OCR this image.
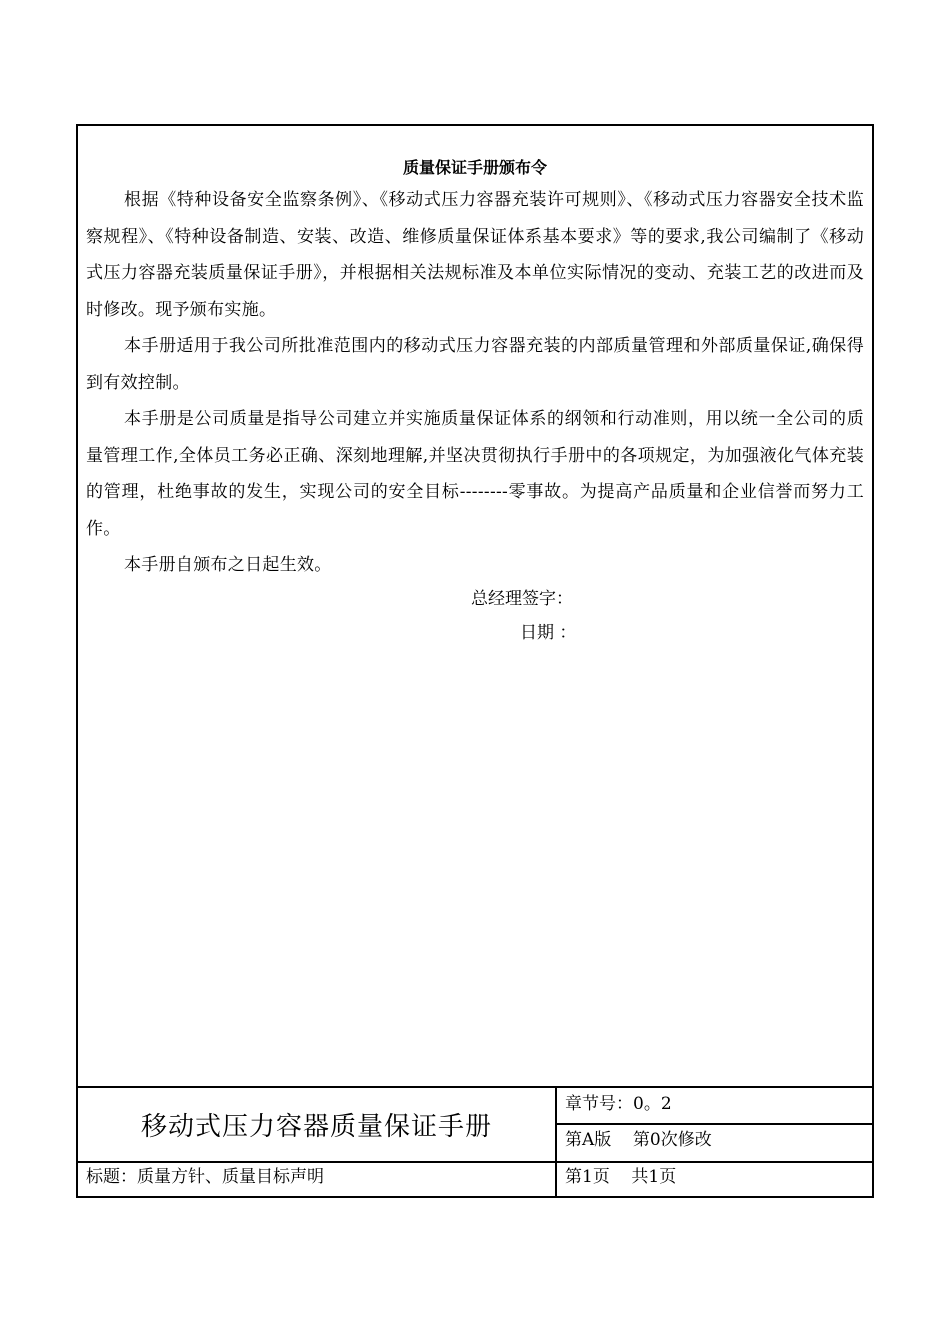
质量保证手册颁布令

根据《特种设备安全监察条例》、《移动式压力容器充装许可规则》、《移动式压力容器安全技术监察规程》、《特种设备制造、安装、改造、维修质量保证体系基本要求》等的要求,我公司编制了《移动式压力容器充装质量保证手册》，并根据相关法规标准及本单位实际情况的变动、充装工艺的改进而及时修改。现予颁布实施。

本手册适用于我公司所批准范围内的移动式压力容器充装的内部质量管理和外部质量保证,确保得到有效控制。

本手册是公司质量是指导公司建立并实施质量保证体系的纲领和行动准则，用以统一全公司的质量管理工作,全体员工务必正确、深刻地理解,并坚决贯彻执行手册中的各项规定，为加强液化气体充装的管理，杜绝事故的发生，实现公司的安全目标--------零事故。为提高产品质量和企业信誉而努力工作。

本手册自颁布之日起生效。

总经理签字：
日期 ：
移动式压力容器质量保证手册
章节号：0。2
第A版    第0次修改
标题：质量方针、质量目标声明	第1页    共1页
